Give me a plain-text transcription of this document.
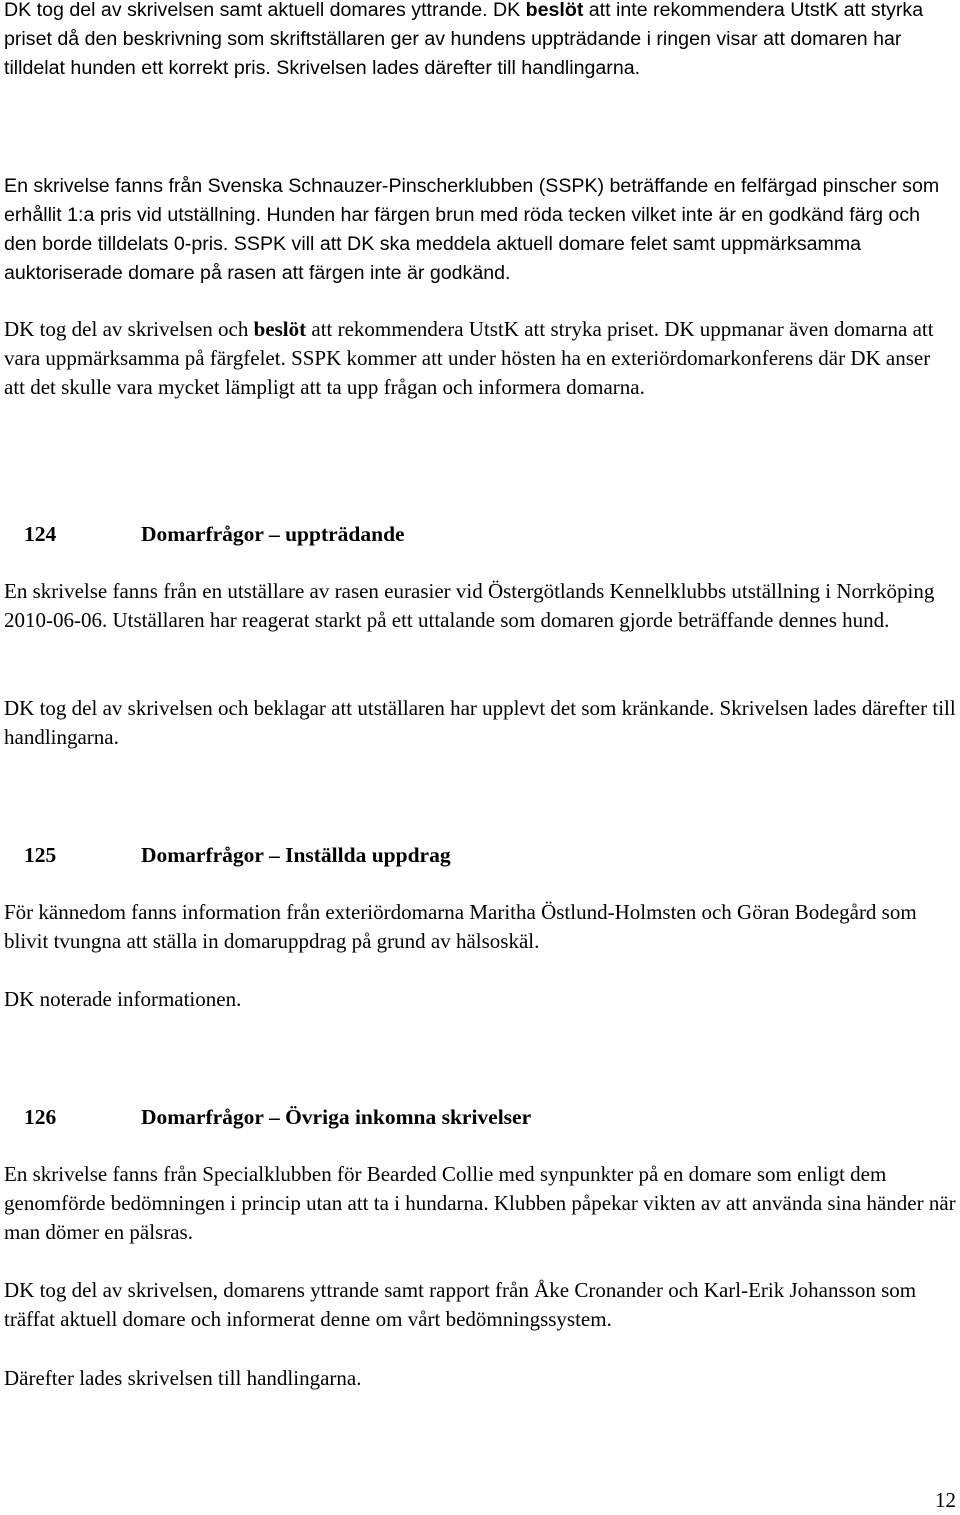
DK tog del av skrivelsen samt aktuell domares yttrande. DK beslöt att inte rekommendera UtstK att styrka priset då den beskrivning som skriftställaren ger av hundens uppträdande i ringen visar att domaren har tilldelat hunden ett korrekt pris. Skrivelsen lades därefter till handlingarna.

En skrivelse fanns från Svenska Schnauzer-Pinscherklubben (SSPK) beträffande en felfärgad pinscher som erhållit 1:a pris vid utställning. Hunden har färgen brun med röda tecken vilket inte är en godkänd färg och den borde tilldelats 0-pris. SSPK vill att DK ska meddela aktuell domare felet samt uppmärksamma auktoriserade domare på rasen att färgen inte är godkänd.

DK tog del av skrivelsen och beslöt att rekommendera UtstK att stryka priset. DK uppmanar även domarna att vara uppmärksamma på färgfelet. SSPK kommer att under hösten ha en exteriördomarkonferens där DK anser att det skulle vara mycket lämpligt att ta upp frågan och informera domarna.

124	Domarfrågor – uppträdande

En skrivelse fanns från en utställare av rasen eurasier vid Östergötlands Kennelklubbs utställning i Norrköping 2010-06-06. Utställaren har reagerat starkt på ett uttalande som domaren gjorde beträffande dennes hund.

DK tog del av skrivelsen och beklagar att utställaren har upplevt det som kränkande. Skrivelsen lades därefter till handlingarna.

125	Domarfrågor – Inställda uppdrag

För kännedom fanns information från exteriördomarna Maritha Östlund-Holmsten och Göran Bodegård som blivit tvungna att ställa in domaruppdrag på grund av hälsoskäl.

DK noterade informationen.

126	Domarfrågor – Övriga inkomna skrivelser

En skrivelse fanns från Specialklubben för Bearded Collie med synpunkter på en domare som enligt dem genomförde bedömningen i princip utan att ta i hundarna. Klubben påpekar vikten av att använda sina händer när man dömer en pälsras.

DK tog del av skrivelsen, domarens yttrande samt rapport från Åke Cronander och Karl-Erik Johansson som träffat aktuell domare och informerat denne om vårt bedömningssystem.

Därefter lades skrivelsen till handlingarna.

12
